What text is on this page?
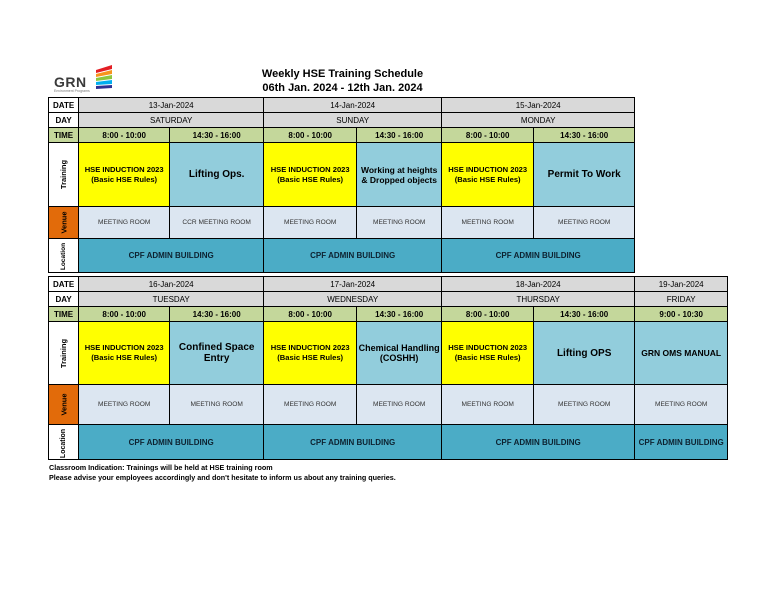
GRN
Environment Programs
Weekly HSE Training Schedule
06th Jan. 2024 - 12th Jan. 2024
DATE	13-Jan-2024		14-Jan-2024		15-Jan-2024	
DAY	SATURDAY		SUNDAY		MONDAY	
TIME	8:00 - 10:00	14:30 - 16:00	8:00 - 10:00	14:30 - 16:00	8:00 - 10:00	14:30 - 16:00
Training	HSE INDUCTION 2023 (Basic HSE Rules)	Lifting Ops.	HSE INDUCTION 2023 (Basic HSE Rules)	Working at heights & Dropped objects	HSE INDUCTION 2023 (Basic HSE Rules)	Permit To Work
Venue	MEETING ROOM	CCR MEETING ROOM	MEETING ROOM	MEETING ROOM	MEETING ROOM	MEETING ROOM
Location	CPF ADMIN BUILDING		CPF ADMIN BUILDING		CPF ADMIN BUILDING	
DATE	16-Jan-2024		17-Jan-2024		18-Jan-2024		19-Jan-2024
DAY	TUESDAY		WEDNESDAY		THURSDAY		FRIDAY
TIME	8:00 - 10:00	14:30 - 16:00	8:00 - 10:00	14:30 - 16:00	8:00 - 10:00	14:30 - 16:00	9:00 - 10:30
Training	HSE INDUCTION 2023 (Basic HSE Rules)	Confined Space Entry	HSE INDUCTION 2023 (Basic HSE Rules)	Chemical Handling (COSHH)	HSE INDUCTION 2023 (Basic HSE Rules)	Lifting OPS	GRN OMS MANUAL
Venue	MEETING ROOM	MEETING ROOM	MEETING ROOM	MEETING ROOM	MEETING ROOM	MEETING ROOM	MEETING ROOM
Location	CPF ADMIN BUILDING		CPF ADMIN BUILDING		CPF ADMIN BUILDING		CPF ADMIN BUILDING
Classroom Indication: Trainings will be held at HSE training room
Please advise your employees accordingly and don't hesitate to inform us about any training queries.
